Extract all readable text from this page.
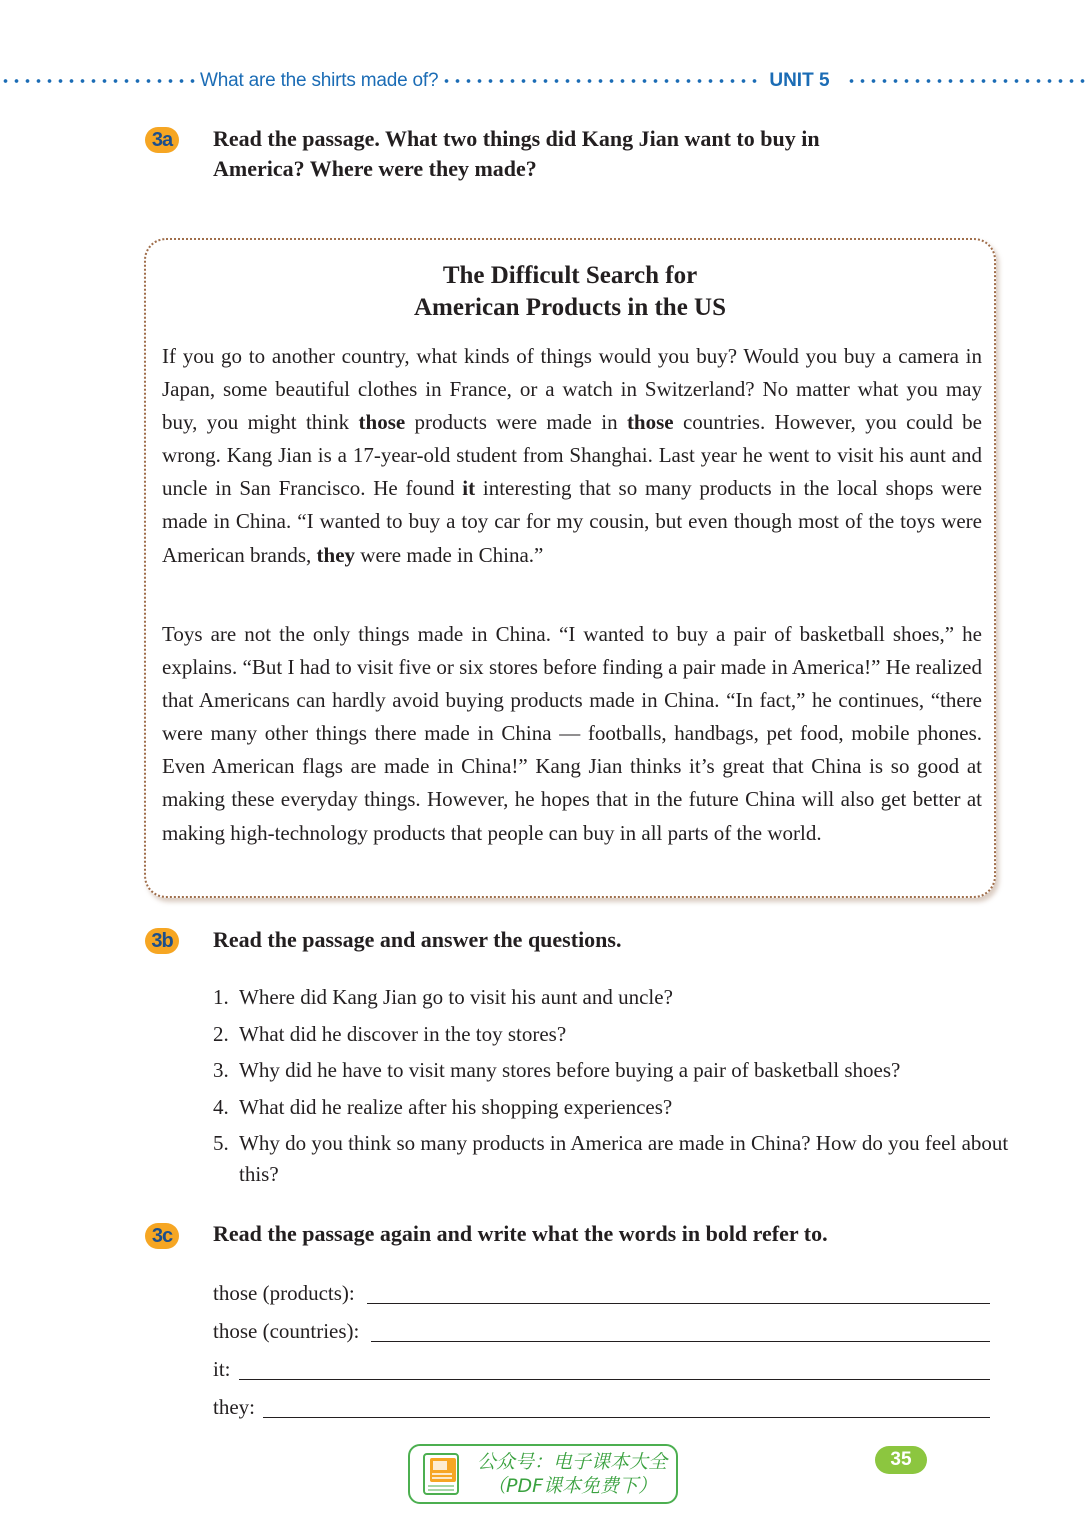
What are the shirts made of?	UNIT 5
3a	Read the passage. What two things did Kang Jian want to buy in
America? Where were they made?
The Difficult Search for
American Products in the US

If you go to another country, what kinds of things would you buy? Would you buy a camera in Japan, some beautiful clothes in France, or a watch in Switzerland? No matter what you may buy, you might think those products were made in those countries. However, you could be wrong. Kang Jian is a 17-year-old student from Shanghai. Last year he went to visit his aunt and uncle in San Francisco. He found it interesting that so many products in the local shops were made in China. “I wanted to buy a toy car for my cousin, but even though most of the toys were American brands, they were made in China.”

Toys are not the only things made in China. “I wanted to buy a pair of basketball shoes,” he explains. “But I had to visit five or six stores before finding a pair made in America!” He realized that Americans can hardly avoid buying products made in China. “In fact,” he continues, “there were many other things there made in China — footballs, handbags, pet food, mobile phones. Even American flags are made in China!” Kang Jian thinks it’s great that China is so good at making these everyday things. However, he hopes that in the future China will also get better at making high-technology products that people can buy in all parts of the world.

3b Read the passage and answer the questions.
1. Where did Kang Jian go to visit his aunt and uncle?
2. What did he discover in the toy stores?
3. Why did he have to visit many stores before buying a pair of basketball shoes?
4. What did he realize after his shopping experiences?
5. Why do you think so many products in America are made in China? How do you feel about this?
3c	Read the passage again and write what the words in bold refer to.
those (products):
those (countries):
it:
they:
公众号：电子课本大全
（PDF课本免费下）
35
